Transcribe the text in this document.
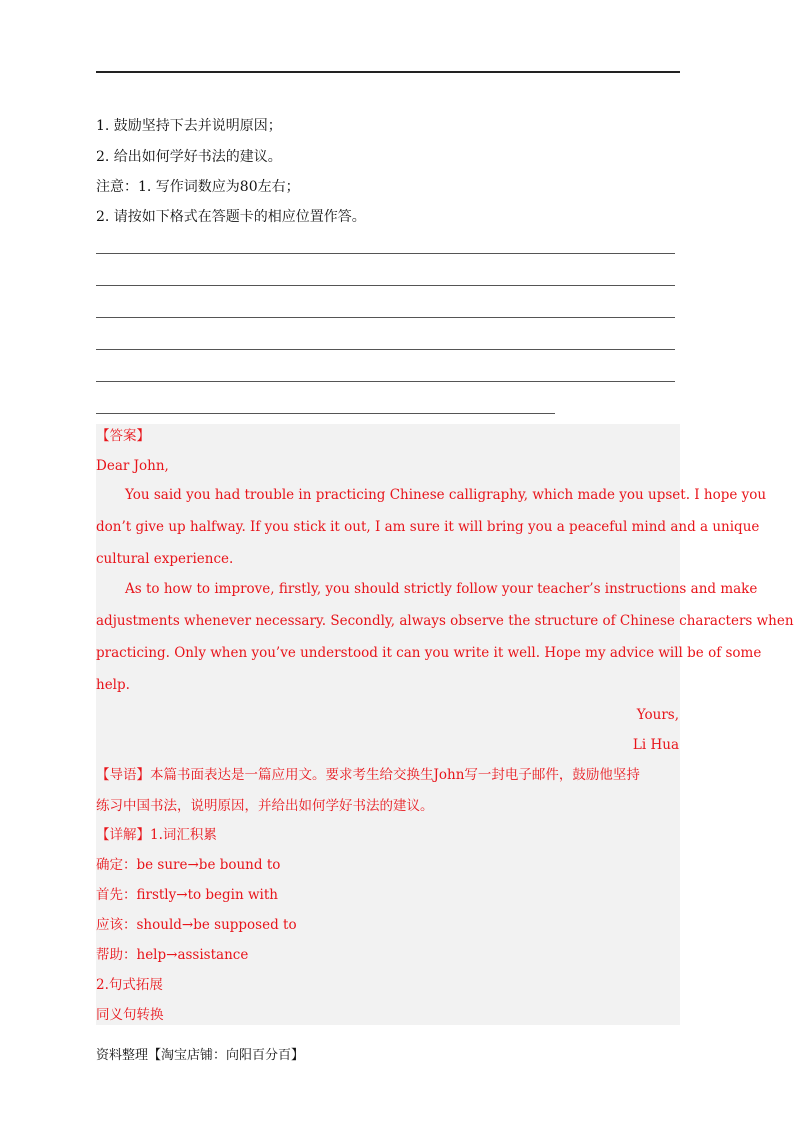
1. 鼓励坚持下去并说明原因；
2. 给出如何学好书法的建议。
注意：1. 写作词数应为80左右；
2. 请按如下格式在答题卡的相应位置作答。
【答案】
Dear John,
You said you had trouble in practicing Chinese calligraphy, which made you upset. I hope you
don’t give up halfway. If you stick it out, I am sure it will bring you a peaceful mind and a unique
cultural experience.
As to how to improve, firstly, you should strictly follow your teacher’s instructions and make
adjustments whenever necessary. Secondly, always observe the structure of Chinese characters when
practicing. Only when you’ve understood it can you write it well. Hope my advice will be of some
help.
Yours,
Li Hua
【导语】本篇书面表达是一篇应用文。要求考生给交换生John写一封电子邮件，鼓励他坚持
练习中国书法，说明原因，并给出如何学好书法的建议。
【详解】1.词汇积累
确定：be sure→be bound to
首先：firstly→to begin with
应该：should→be supposed to
帮助：help→assistance
2.句式拓展
同义句转换
资料整理【淘宝店铺：向阳百分百】
